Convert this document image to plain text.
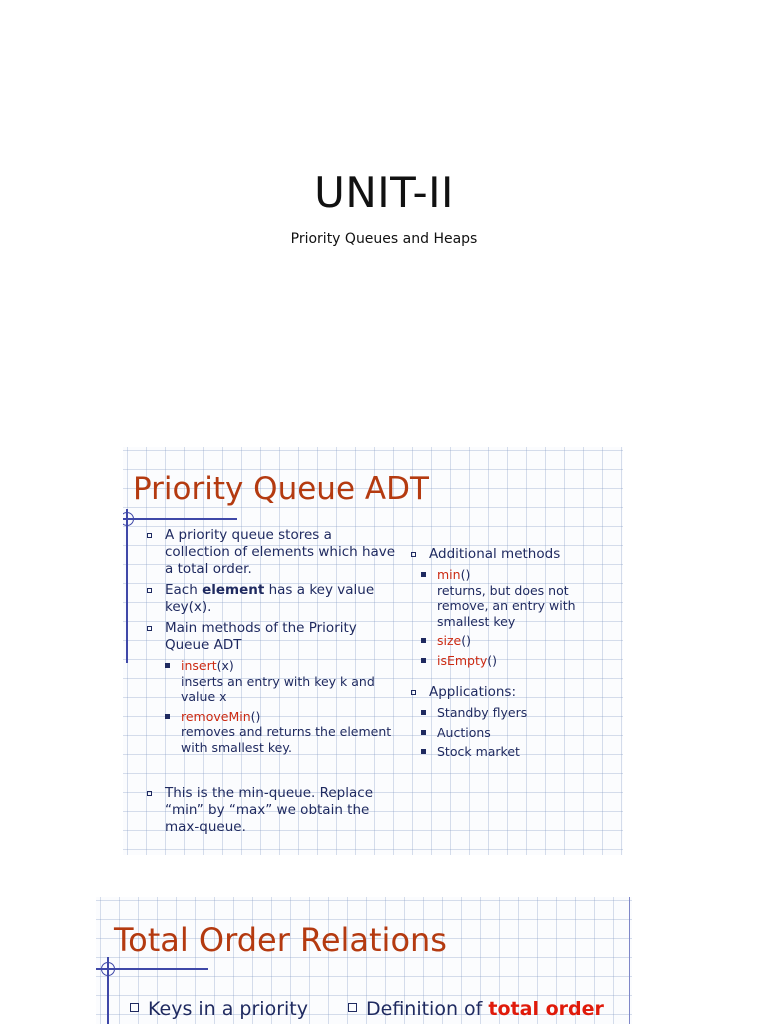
UNIT-II
Priority Queues and Heaps
Priority Queue ADT
A priority queue stores a collection of elements which have a total order.
Each element has a key value key(x).
Main methods of the Priority Queue ADT
insert(x)
inserts an entry with key k and value x
removeMin()
removes and returns the element with smallest key.
This is the min-queue. Replace “min” by “max” we obtain the max-queue.
Additional methods
min()
returns, but does not remove, an entry with smallest key
size()
isEmpty()
Applications:
Standby flyers
Auctions
Stock market
Total Order Relations
Keys in a priority	Definition of total order
